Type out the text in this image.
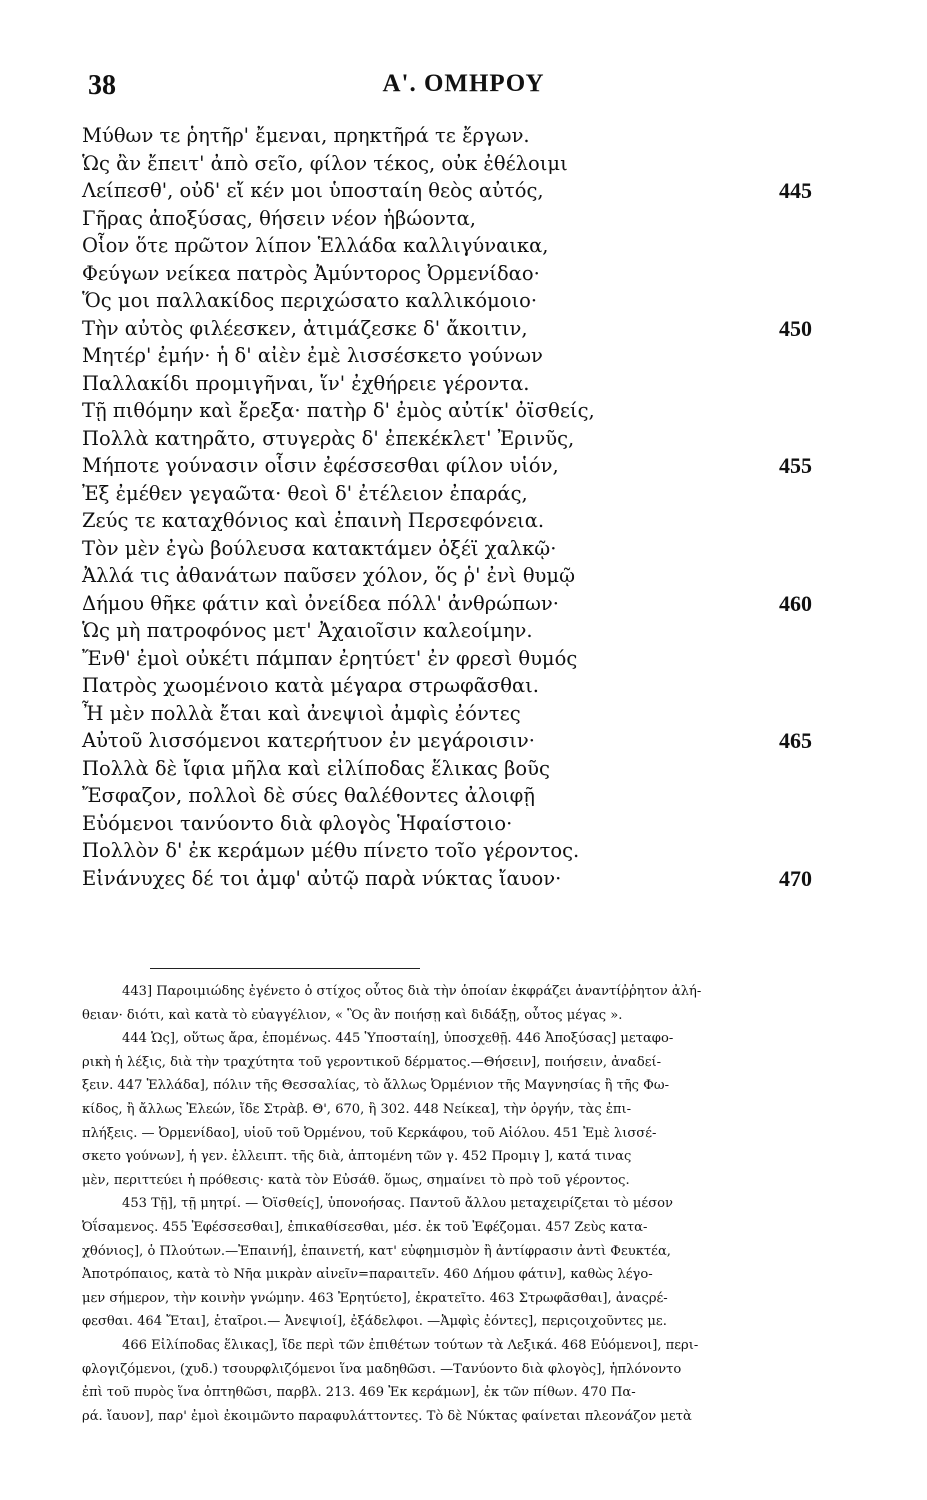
38	Α'. ΟΜΗΡΟΥ
Μύθων τε ῥητῆρ' ἔμεναι, πρηκτῆρά τε ἔργων.
Ὡς ἂν ἔπειτ' ἀπὸ σεῖο, φίλον τέκος, οὐκ ἐθέλοιμι
Λείπεσθ', οὐδ' εἴ κέν μοι ὑποσταίη θεὸς αὐτός,	445
Γῆρας ἀποξύσας, θήσειν νέον ἡβώοντα,
Οἷον ὅτε πρῶτον λίπον Ἑλλάδα καλλιγύναικα,
Φεύγων νείκεα πατρὸς Ἀμύντορος Ὀρμενίδαο·
Ὅς μοι παλλακίδος περιχώσατο καλλικόμοιο·
Τὴν αὐτὸς φιλέεσκεν, ἀτιμάζεσκε δ' ἄκοιτιν,	450
Μητέρ' ἐμήν· ἡ δ' αἰὲν ἐμὲ λισσέσκετο γούνων
Παλλακίδι προμιγῆναι, ἵν' ἐχθήρειε γέροντα.
Τῇ πιθόμην καὶ ἔρεξα· πατὴρ δ' ἐμὸς αὐτίκ' ὀϊσθείς,
Πολλὰ κατηρᾶτο, στυγερὰς δ' ἐπεκέκλετ' Ἐρινῦς,
Μήποτε γούνασιν οἷσιν ἐφέσσεσθαι φίλον υἱόν,	455
Ἐξ ἐμέθεν γεγαῶτα· θεοὶ δ' ἐτέλειον ἐπαράς,
Ζεύς τε καταχθόνιος καὶ ἐπαινὴ Περσεφόνεια.
Τὸν μὲν ἐγὼ βούλευσα κατακτάμεν ὀξέϊ χαλκῷ·
Ἀλλά τις ἀθανάτων παῦσεν χόλον, ὅς ῥ' ἐνὶ θυμῷ
Δήμου θῆκε φάτιν καὶ ὀνείδεα πόλλ' ἀνθρώπων·	460
Ὡς μὴ πατροφόνος μετ' Ἀχαιοῖσιν καλεοίμην.
Ἔνθ' ἐμοὶ οὐκέτι πάμπαν ἐρητύετ' ἐν φρεσὶ θυμός
Πατρὸς χωομένοιο κατὰ μέγαρα στρωφᾶσθαι.
Ἦ μὲν πολλὰ ἔται καὶ ἀνεψιοὶ ἀμφὶς ἐόντες
Αὐτοῦ λισσόμενοι κατερήτυον ἐν μεγάροισιν·	465
Πολλὰ δὲ ἴφια μῆλα καὶ εἰλίποδας ἕλικας βοῦς
Ἔσφαζον, πολλοὶ δὲ σύες θαλέθοντες ἀλοιφῇ
Εὑόμενοι τανύοντο διὰ φλογὸς Ἡφαίστοιο·
Πολλὸν δ' ἐκ κεράμων μέθυ πίνετο τοῖο γέροντος.
Εἰνάνυχες δέ τοι ἀμφ' αὐτῷ παρὰ νύκτας ἴαυον·	470
443] Παροιμιώδης ἐγένετο ὁ στίχος οὗτος διὰ τὴν ὁποίαν ἐκφράζει ἀναντίῤῥητον ἀλή-
θειαν· διότι, καὶ κατὰ τὸ εὐαγγέλιον, « Ὃς ἂν ποιήσῃ καὶ διδάξῃ, οὗτος μέγας ».
444 Ὡς], οὕτως ἄρα, ἑπομένως. 445 Ὑποσταίη], ὑποσχεθῇ. 446 Ἀποξύσας] μεταφο-
ρικὴ ἡ λέξις, διὰ τὴν τραχύτητα τοῦ γεροντικοῦ δέρματος.—Θήσειν], ποιήσειν, ἀναδεί-
ξειν. 447 Ἑλλάδα], πόλιν τῆς Θεσσαλίας, τὸ ἄλλως Ὀρμένιον τῆς Μαγνησίας ἢ τῆς Φω-
κίδος, ἢ ἄλλως Ἐλεών, ἴδε Στρὰβ. Θ', 670, ἢ 302. 448 Νείκεα], τὴν ὀργήν, τὰς ἐπι-
πλήξεις. — Ὀρμενίδαο], υἱοῦ τοῦ Ὀρμένου, τοῦ Κερκάφου, τοῦ Αἰόλου. 451 Ἐμὲ λισσέ-
σκετο γούνων], ἡ γεν. ἐλλειπτ. τῆς διὰ, ἁπτομένη τῶν γ. 452 Προμιγ ], κατά τινας
μὲν, περιττεύει ἡ πρόθεσις· κατὰ τὸν Εὐσάθ. ὅμως, σημαίνει τὸ πρὸ τοῦ γέροντος.
453 Τῇ], τῇ μητρί. — Ὀϊσθείς], ὑπονοήσας. Παντοῦ ἄλλου μεταχειρίζεται τὸ μέσον
Ὀΐσαμενος. 455 Ἐφέσσεσθαι], ἐπικαθίσεσθαι, μέσ. ἐκ τοῦ Ἐφέζομαι. 457 Ζεὺς κατα-
χθόνιος], ὁ Πλούτων.—Ἐπαινή], ἐπαινετή, κατ' εὐφημισμὸν ἢ ἀντίφρασιν ἀντὶ Φευκτέα,
Ἀποτρόπαιος, κατὰ τὸ Νῆα μικρὰν αἰνεῖν=παραιτεῖν. 460 Δήμου φάτιν], καθὼς λέγο-
μεν σήμερον, τὴν κοινὴν γνώμην. 463 Ἐρητύετο], ἐκρατεῖτο. 463 Στρωφᾶσθαι], ἀναςρέ-
φεσθαι. 464 Ἔται], ἑταῖροι.— Ἀνεψιοί], ἐξάδελφοι. —Ἀμφὶς ἐόντες], περιςοιχοῦντες με.
466 Εἰλίποδας ἕλικας], ἴδε περὶ τῶν ἐπιθέτων τούτων τὰ Λεξικά. 468 Εὑόμενοι], περι-
φλογιζόμενοι, (χυδ.) τσουρφλιζόμενοι ἵνα μαδηθῶσι. —Τανύοντο διὰ φλογὸς], ἡπλόνοντο
ἐπὶ τοῦ πυρὸς ἵνα ὀπτηθῶσι, παρβλ. 213. 469 Ἐκ κεράμων], ἐκ τῶν πίθων. 470 Πα-
ρά. ἴαυον], παρ' ἐμοὶ ἐκοιμῶντο παραφυλάττοντες. Τὸ δὲ Νύκτας φαίνεται πλεονάζον μετὰ
